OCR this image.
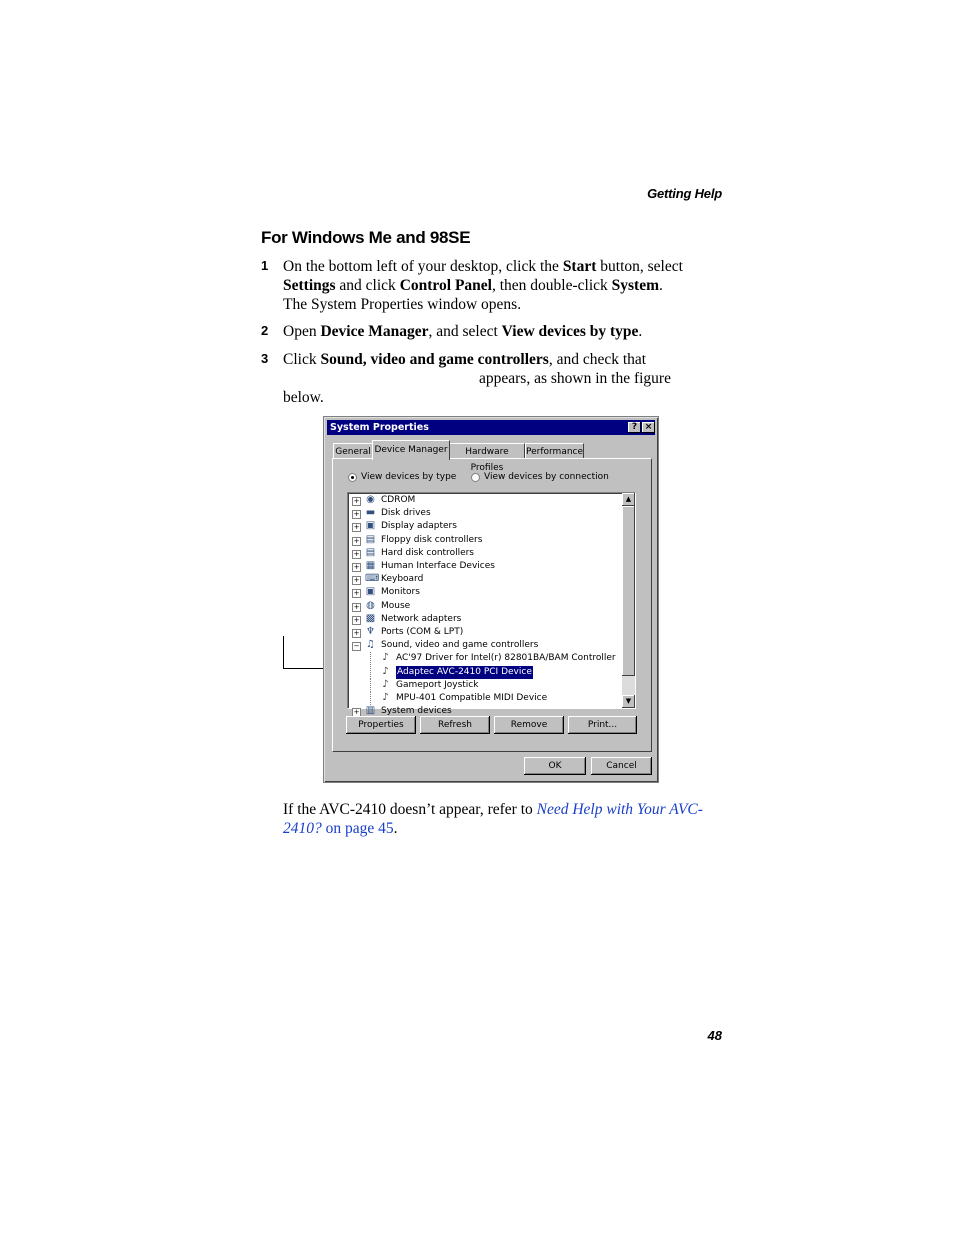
Getting Help
For Windows Me and 98SE
1 On the bottom left of your desktop, click the Start button, select
Settings and click Control Panel, then double-click System.
The System Properties window opens.
2 Open Device Manager, and select View devices by type.
3 Click Sound, video and game controllers, and check that
appears, as shown in the figure
below.
System Properties	? ×
General Device Manager	Hardware Profiles
Performance
View devices by type	View devices by connection
+ ◉ CDROM
+ ▬ Disk drives
+ ▣ Display adapters
+ ▤ Floppy disk controllers
+ ▤ Hard disk controllers
+ ▦ Human Interface Devices
+ ⌨ Keyboard
+ ▣ Monitors
+ ◍ Mouse
+ ▩ Network adapters
+ ♆ Ports (COM & LPT)
− ♫ Sound, video and game controllers
♪ AC'97 Driver for Intel(r) 82801BA/BAM Controller
♪ Adaptec AVC-2410 PCI Device
♪ Gameport Joystick
♪ MPU-401 Compatible MIDI Device
+ ▥ System devices
▲
▼
Properties	Refresh	Remove	Print...
OK	Cancel
If the AVC-2410 doesn’t appear, refer to Need Help with Your AVC-2410? on page 45.
48
